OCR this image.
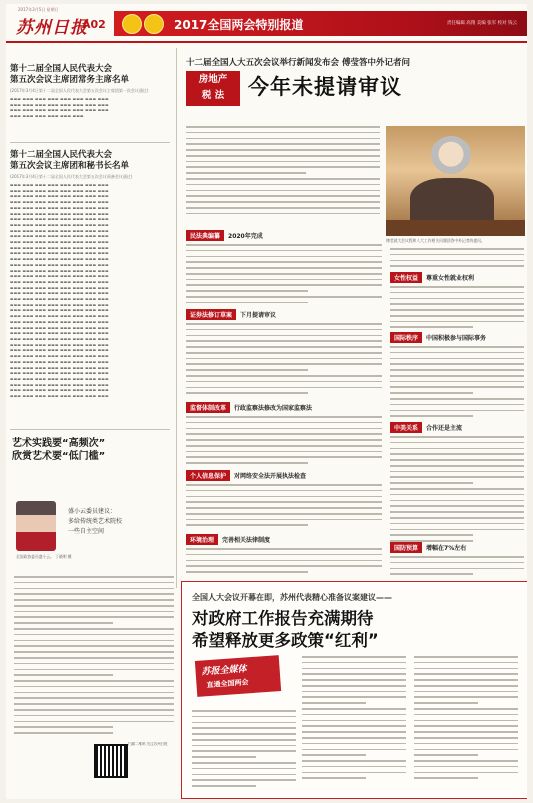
2017年3月5日 星期日
苏州日报
A02	2017全国两会特别报道	责任编辑 高翔 美编 张军 校对 钱云
第十二届全国人民代表大会
第五次会议主席团常务主席名单
(2017年3月4日第十二届全国人民代表大会第五次会议主席团第一次会议通过)
▬▬▬ ▬▬▬ ▬▬▬ ▬▬▬ ▬▬▬ ▬▬▬ ▬▬▬ ▬▬▬
▬▬▬ ▬▬▬ ▬▬▬ ▬▬▬ ▬▬▬ ▬▬▬ ▬▬▬ ▬▬▬
▬▬▬ ▬▬▬ ▬▬▬ ▬▬▬ ▬▬▬ ▬▬▬ ▬▬▬ ▬▬▬
▬▬▬ ▬▬▬ ▬▬▬ ▬▬▬ ▬▬▬ ▬▬▬
第十二届全国人民代表大会
第五次会议主席团和秘书长名单
(2017年3月4日第十二届全国人民代表大会第五次会议预备会议通过)
▬▬▬ ▬▬▬ ▬▬▬ ▬▬▬ ▬▬▬ ▬▬▬ ▬▬▬ ▬▬▬
▬▬▬ ▬▬▬ ▬▬▬ ▬▬▬ ▬▬▬ ▬▬▬ ▬▬▬ ▬▬▬
▬▬▬ ▬▬▬ ▬▬▬ ▬▬▬ ▬▬▬ ▬▬▬ ▬▬▬ ▬▬▬
▬▬▬ ▬▬▬ ▬▬▬ ▬▬▬ ▬▬▬ ▬▬▬ ▬▬▬ ▬▬▬
▬▬▬ ▬▬▬ ▬▬▬ ▬▬▬ ▬▬▬ ▬▬▬ ▬▬▬ ▬▬▬
▬▬▬ ▬▬▬ ▬▬▬ ▬▬▬ ▬▬▬ ▬▬▬ ▬▬▬ ▬▬▬
▬▬▬ ▬▬▬ ▬▬▬ ▬▬▬ ▬▬▬ ▬▬▬ ▬▬▬ ▬▬▬
▬▬▬ ▬▬▬ ▬▬▬ ▬▬▬ ▬▬▬ ▬▬▬ ▬▬▬ ▬▬▬
▬▬▬ ▬▬▬ ▬▬▬ ▬▬▬ ▬▬▬ ▬▬▬ ▬▬▬ ▬▬▬
▬▬▬ ▬▬▬ ▬▬▬ ▬▬▬ ▬▬▬ ▬▬▬ ▬▬▬ ▬▬▬
▬▬▬ ▬▬▬ ▬▬▬ ▬▬▬ ▬▬▬ ▬▬▬ ▬▬▬ ▬▬▬
▬▬▬ ▬▬▬ ▬▬▬ ▬▬▬ ▬▬▬ ▬▬▬ ▬▬▬ ▬▬▬
▬▬▬ ▬▬▬ ▬▬▬ ▬▬▬ ▬▬▬ ▬▬▬ ▬▬▬ ▬▬▬
▬▬▬ ▬▬▬ ▬▬▬ ▬▬▬ ▬▬▬ ▬▬▬ ▬▬▬ ▬▬▬
▬▬▬ ▬▬▬ ▬▬▬ ▬▬▬ ▬▬▬ ▬▬▬ ▬▬▬ ▬▬▬
▬▬▬ ▬▬▬ ▬▬▬ ▬▬▬ ▬▬▬ ▬▬▬ ▬▬▬ ▬▬▬
▬▬▬ ▬▬▬ ▬▬▬ ▬▬▬ ▬▬▬ ▬▬▬ ▬▬▬ ▬▬▬
▬▬▬ ▬▬▬ ▬▬▬ ▬▬▬ ▬▬▬ ▬▬▬ ▬▬▬ ▬▬▬
▬▬▬ ▬▬▬ ▬▬▬ ▬▬▬ ▬▬▬ ▬▬▬ ▬▬▬ ▬▬▬
▬▬▬ ▬▬▬ ▬▬▬ ▬▬▬ ▬▬▬ ▬▬▬ ▬▬▬ ▬▬▬
▬▬▬ ▬▬▬ ▬▬▬ ▬▬▬ ▬▬▬ ▬▬▬ ▬▬▬ ▬▬▬
▬▬▬ ▬▬▬ ▬▬▬ ▬▬▬ ▬▬▬ ▬▬▬ ▬▬▬ ▬▬▬
▬▬▬ ▬▬▬ ▬▬▬ ▬▬▬ ▬▬▬ ▬▬▬ ▬▬▬ ▬▬▬
▬▬▬ ▬▬▬ ▬▬▬ ▬▬▬ ▬▬▬ ▬▬▬ ▬▬▬ ▬▬▬
▬▬▬ ▬▬▬ ▬▬▬ ▬▬▬ ▬▬▬ ▬▬▬ ▬▬▬ ▬▬▬
▬▬▬ ▬▬▬ ▬▬▬ ▬▬▬ ▬▬▬ ▬▬▬ ▬▬▬ ▬▬▬
▬▬▬ ▬▬▬ ▬▬▬ ▬▬▬ ▬▬▬ ▬▬▬ ▬▬▬ ▬▬▬
▬▬▬ ▬▬▬ ▬▬▬ ▬▬▬ ▬▬▬ ▬▬▬ ▬▬▬ ▬▬▬
▬▬▬ ▬▬▬ ▬▬▬ ▬▬▬ ▬▬▬ ▬▬▬ ▬▬▬ ▬▬▬
▬▬▬ ▬▬▬ ▬▬▬ ▬▬▬ ▬▬▬ ▬▬▬ ▬▬▬ ▬▬▬
▬▬▬ ▬▬▬ ▬▬▬ ▬▬▬ ▬▬▬ ▬▬▬ ▬▬▬ ▬▬▬
▬▬▬ ▬▬▬ ▬▬▬ ▬▬▬ ▬▬▬ ▬▬▬ ▬▬▬ ▬▬▬
▬▬▬ ▬▬▬ ▬▬▬ ▬▬▬ ▬▬▬ ▬▬▬ ▬▬▬ ▬▬▬
▬▬▬ ▬▬▬ ▬▬▬ ▬▬▬ ▬▬▬ ▬▬▬ ▬▬▬ ▬▬▬
▬▬▬ ▬▬▬ ▬▬▬ ▬▬▬ ▬▬▬ ▬▬▬ ▬▬▬ ▬▬▬
▬▬▬ ▬▬▬ ▬▬▬ ▬▬▬ ▬▬▬ ▬▬▬ ▬▬▬ ▬▬▬
▬▬▬ ▬▬▬ ▬▬▬ ▬▬▬ ▬▬▬ ▬▬▬ ▬▬▬ ▬▬▬
▬▬▬ ▬▬▬ ▬▬▬ ▬▬▬ ▬▬▬ ▬▬▬ ▬▬▬ ▬▬▬
艺术实践要“高频次”
欣赏艺术要“低门槛”
盛小云委员建议：
多给传统类艺术院校
一些自主空间
全国政协委员盛小云。 丁晓明 摄
扫描二维码 关注苏州日报
十二届全国人大五次会议举行新闻发布会 傅莹答中外记者问
房地产
税 法	今年未提请审议
傅莹就大会议程和人大工作相关问题回答中外记者的提问。
民法典编纂	2020年完成
证券法修订草案	下月提请审议
监督体制改革	行政监察法修改为国家监察法
个人信息保护	对网络安全法开展执法检查
环境治理	完善相关法律制度
女性权益	尊重女性就业权利
国际秩序	中国积极参与国际事务
中美关系	合作还是主流
国防预算	增幅在7%左右
全国人大会议开幕在即，苏州代表精心准备议案建议——
对政府工作报告充满期待
希望释放更多政策“红利”
苏报全媒体
直通全国两会
